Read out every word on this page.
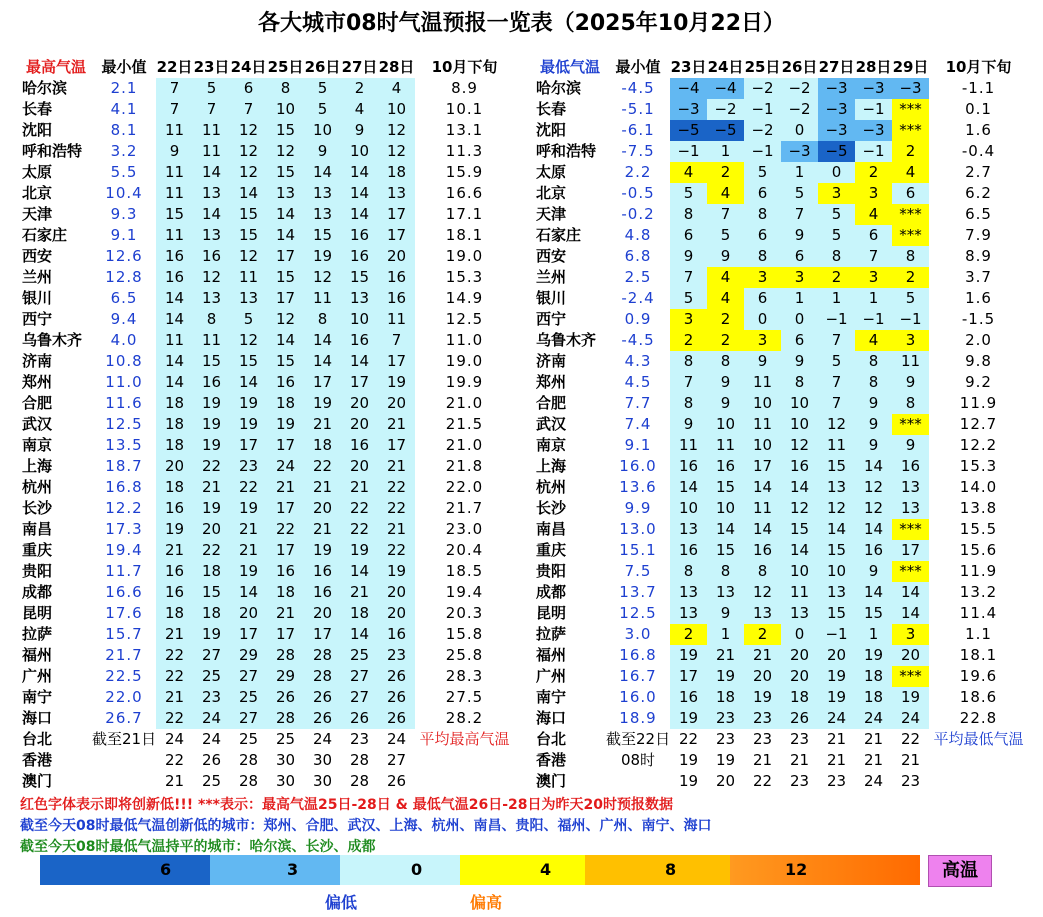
各大城市08时气温预报一览表（2025年10月22日）
最高气温	最小值	22日	23日	24日	25日	26日	27日	28日	10月下旬
哈尔滨	2.1	7	5	6	8	5	2	4	8.9
长春	4.1	7	7	7	10	5	4	10	10.1
沈阳	8.1	11	11	12	15	10	9	12	13.1
呼和浩特	3.2	9	11	12	12	9	10	12	11.3
太原	5.5	11	14	12	15	14	14	18	15.9
北京	10.4	11	13	14	13	13	14	13	16.6
天津	9.3	15	14	15	14	13	14	17	17.1
石家庄	9.1	11	13	15	14	15	16	17	18.1
西安	12.6	16	16	12	17	19	16	20	19.0
兰州	12.8	16	12	11	15	12	15	16	15.3
银川	6.5	14	13	13	17	11	13	16	14.9
西宁	9.4	14	8	5	12	8	10	11	12.5
乌鲁木齐	4.0	11	11	12	14	14	16	7	11.0
济南	10.8	14	15	15	15	14	14	17	19.0
郑州	11.0	14	16	14	16	17	17	19	19.9
合肥	11.6	18	19	19	18	19	20	20	21.0
武汉	12.5	18	19	19	19	21	20	21	21.5
南京	13.5	18	19	17	17	18	16	17	21.0
上海	18.7	20	22	23	24	22	20	21	21.8
杭州	16.8	18	21	22	21	21	21	22	22.0
长沙	12.2	16	19	19	17	20	22	22	21.7
南昌	17.3	19	20	21	22	21	22	21	23.0
重庆	19.4	21	22	21	17	19	19	22	20.4
贵阳	11.7	16	18	19	16	16	14	19	18.5
成都	16.6	16	15	14	18	16	21	20	19.4
昆明	17.6	18	18	20	21	20	18	20	20.3
拉萨	15.7	21	19	17	17	17	14	16	15.8
福州	21.7	22	27	29	28	28	25	23	25.8
广州	22.5	22	25	27	29	28	27	26	28.3
南宁	22.0	21	23	25	26	26	27	26	27.5
海口	26.7	22	24	27	28	26	26	26	28.2
台北	截至21日	24	24	25	25	24	23	24	平均最高气温
香港		22	26	28	30	30	28	27	
澳门		21	25	28	30	30	28	26	
最低气温	最小值	23日	24日	25日	26日	27日	28日	29日	10月下旬
哈尔滨	-4.5	−4	−4	−2	−2	−3	−3	−3	-1.1
长春	-5.1	−3	−2	−1	−2	−3	−1	***	0.1
沈阳	-6.1	−5	−5	−2	0	−3	−3	***	1.6
呼和浩特	-7.5	−1	1	−1	−3	−5	−1	2	-0.4
太原	2.2	4	2	5	1	0	2	4	2.7
北京	-0.5	5	4	6	5	3	3	6	6.2
天津	-0.2	8	7	8	7	5	4	***	6.5
石家庄	4.8	6	5	6	9	5	6	***	7.9
西安	6.8	9	9	8	6	8	7	8	8.9
兰州	2.5	7	4	3	3	2	3	2	3.7
银川	-2.4	5	4	6	1	1	1	5	1.6
西宁	0.9	3	2	0	0	−1	−1	−1	-1.5
乌鲁木齐	-4.5	2	2	3	6	7	4	3	2.0
济南	4.3	8	8	9	9	5	8	11	9.8
郑州	4.5	7	9	11	8	7	8	9	9.2
合肥	7.7	8	9	10	10	7	9	8	11.9
武汉	7.4	9	10	11	10	12	9	***	12.7
南京	9.1	11	11	10	12	11	9	9	12.2
上海	16.0	16	16	17	16	15	14	16	15.3
杭州	13.6	14	15	14	14	13	12	13	14.0
长沙	9.9	10	10	11	12	12	12	13	13.8
南昌	13.0	13	14	14	15	14	14	***	15.5
重庆	15.1	16	15	16	14	15	16	17	15.6
贵阳	7.5	8	8	8	10	10	9	***	11.9
成都	13.7	13	13	12	11	13	14	14	13.2
昆明	12.5	13	9	13	13	15	15	14	11.4
拉萨	3.0	2	1	2	0	−1	1	3	1.1
福州	16.8	19	21	21	20	20	19	20	18.1
广州	16.7	17	19	20	20	19	18	***	19.6
南宁	16.0	16	18	19	18	19	18	19	18.6
海口	18.9	19	23	23	26	24	24	24	22.8
台北	截至22日	22	23	23	23	21	21	22	平均最低气温
香港	08时	19	19	21	21	21	21	21	
澳门		19	20	22	23	23	24	23	
红色字体表示即将创新低!!! ***表示：最高气温25日-28日 & 最低气温26日-28日为昨天20时预报数据
截至今天08时最低气温创新低的城市：郑州、合肥、武汉、上海、杭州、南昌、贵阳、福州、广州、南宁、海口
截至今天08时最低气温持平的城市：哈尔滨、长沙、成都
6	3	0	4	8	12	高温
偏低	偏高
